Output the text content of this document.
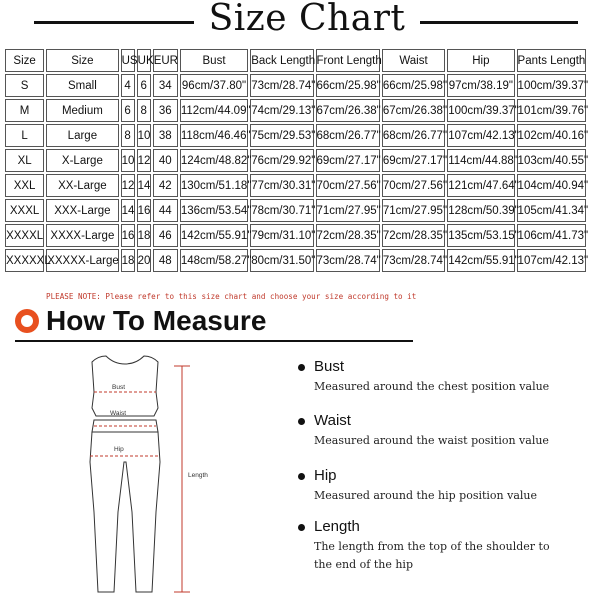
Size Chart
Size	Size	US	UK	EUR	Bust	Back Length	Front Length	Waist	Hip	Pants Length
S	Small	4	6	34	96cm/37.80"	73cm/28.74"	66cm/25.98"	66cm/25.98"	97cm/38.19"	100cm/39.37"
M	Medium	6	8	36	112cm/44.09"	74cm/29.13"	67cm/26.38"	67cm/26.38"	100cm/39.37"	101cm/39.76"
L	Large	8	10	38	118cm/46.46"	75cm/29.53"	68cm/26.77"	68cm/26.77"	107cm/42.13"	102cm/40.16"
XL	X-Large	10	12	40	124cm/48.82"	76cm/29.92"	69cm/27.17"	69cm/27.17"	114cm/44.88"	103cm/40.55"
XXL	XX-Large	12	14	42	130cm/51.18"	77cm/30.31"	70cm/27.56"	70cm/27.56"	121cm/47.64"	104cm/40.94"
XXXL	XXX-Large	14	16	44	136cm/53.54"	78cm/30.71"	71cm/27.95"	71cm/27.95"	128cm/50.39"	105cm/41.34"
XXXXL	XXXX-Large	16	18	46	142cm/55.91"	79cm/31.10"	72cm/28.35"	72cm/28.35"	135cm/53.15"	106cm/41.73"
XXXXXL	XXXXX-Large	18	20	48	148cm/58.27"	80cm/31.50"	73cm/28.74"	73cm/28.74"	142cm/55.91"	107cm/42.13"
PLEASE NOTE: Please refer to this size chart and choose your size according to it
How To Measure
Bust
Waist
Hip
Length
Bust
Measured around the chest position value
Waist
Measured around the waist position value
Hip
Measured around the hip position value
Length
The length from the top of the shoulder to the end of the hip
